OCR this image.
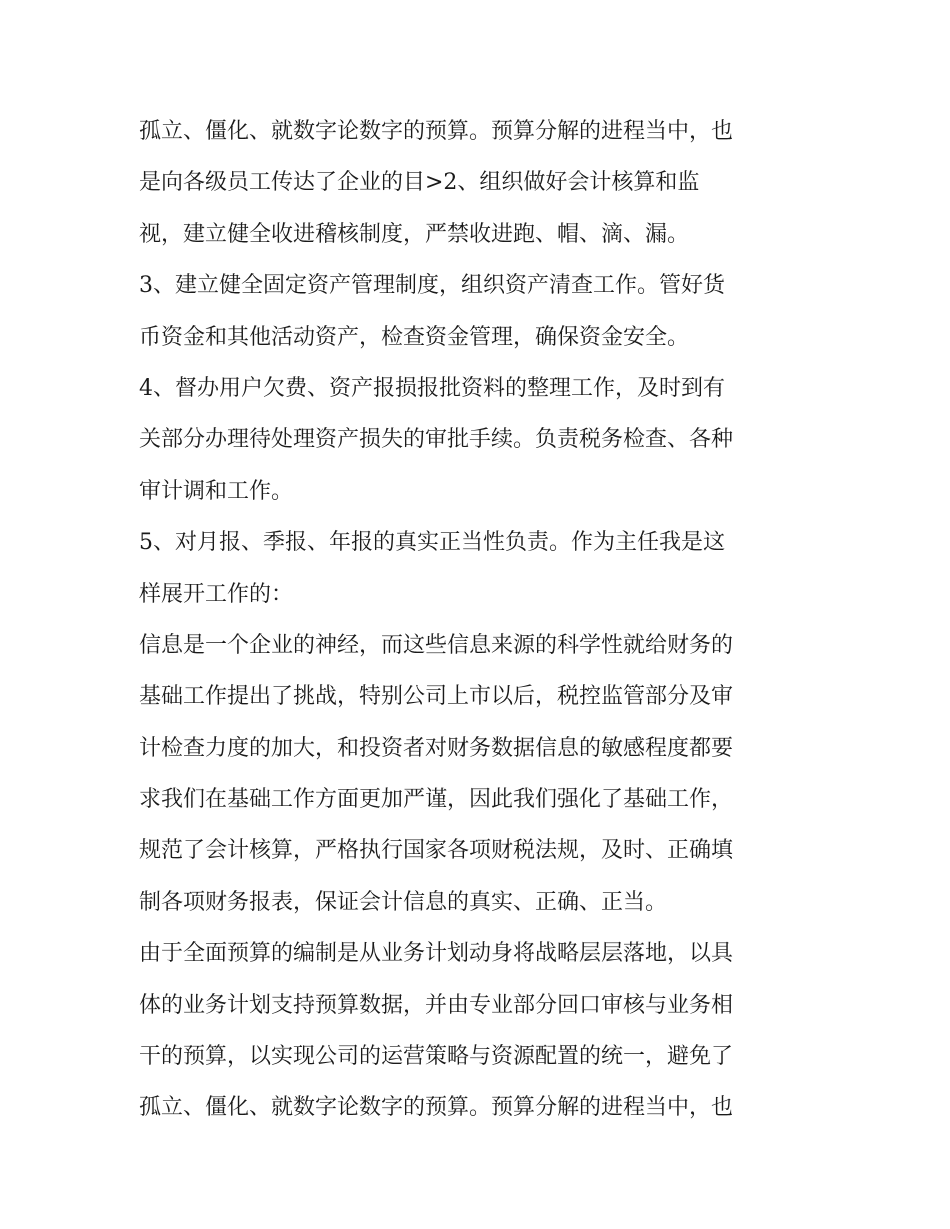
孤立、僵化、就数字论数字的预算。预算分解的进程当中，也
是向各级员工传达了企业的目>2、组织做好会计核算和监
视，建立健全收进稽核制度，严禁收进跑、帽、滴、漏。
3、建立健全固定资产管理制度，组织资产清查工作。管好货
币资金和其他活动资产，检查资金管理，确保资金安全。
4、督办用户欠费、资产报损报批资料的整理工作，及时到有
关部分办理待处理资产损失的审批手续。负责税务检查、各种
审计调和工作。
5、对月报、季报、年报的真实正当性负责。作为主任我是这
样展开工作的：
信息是一个企业的神经，而这些信息来源的科学性就给财务的
基础工作提出了挑战，特别公司上市以后，税控监管部分及审
计检查力度的加大，和投资者对财务数据信息的敏感程度都要
求我们在基础工作方面更加严谨，因此我们强化了基础工作，
规范了会计核算，严格执行国家各项财税法规，及时、正确填
制各项财务报表，保证会计信息的真实、正确、正当。
由于全面预算的编制是从业务计划动身将战略层层落地，以具
体的业务计划支持预算数据，并由专业部分回口审核与业务相
干的预算，以实现公司的运营策略与资源配置的统一，避免了
孤立、僵化、就数字论数字的预算。预算分解的进程当中，也
